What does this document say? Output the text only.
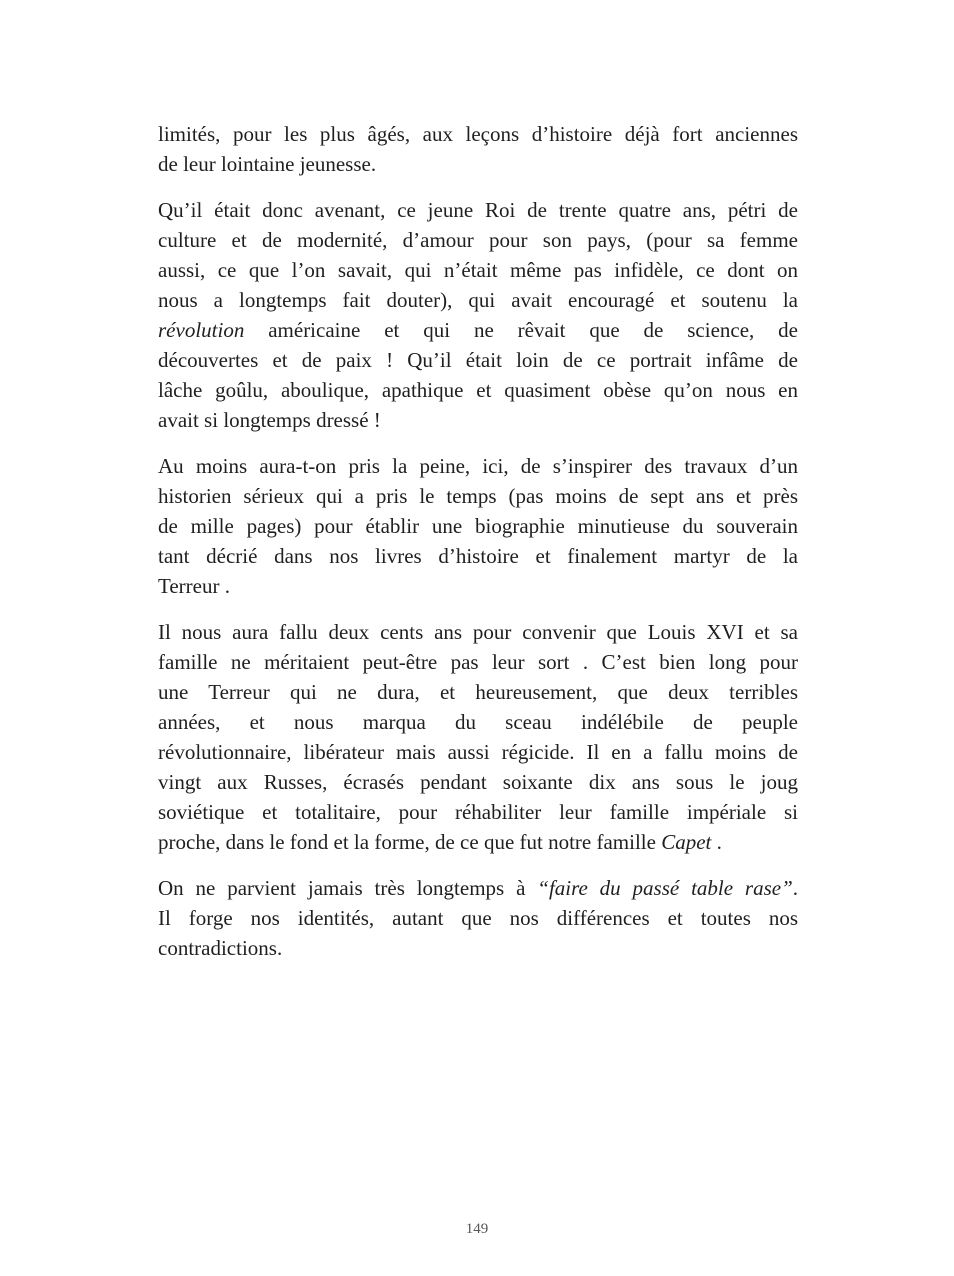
limités, pour les plus âgés, aux leçons d’histoire déjà fort anciennes
de leur lointaine jeunesse.

Qu’il était donc avenant, ce jeune Roi de trente quatre ans, pétri de
culture et de modernité, d’amour pour son pays, (pour sa femme
aussi, ce que l’on savait, qui n’était même pas infidèle, ce dont on
nous a longtemps fait douter), qui avait encouragé et soutenu la
révolution américaine et qui ne rêvait que de science, de
découvertes et de paix ! Qu’il était loin de ce portrait infâme de
lâche goûlu, aboulique, apathique et quasiment obèse qu’on nous en
avait si longtemps dressé !

Au moins aura-t-on pris la peine, ici, de s’inspirer des travaux d’un
historien sérieux qui a pris le temps (pas moins de sept ans et près
de mille pages) pour établir une biographie minutieuse du souverain
tant décrié dans nos livres d’histoire et finalement martyr de la
Terreur .

Il nous aura fallu deux cents ans pour convenir que Louis XVI et sa
famille ne méritaient peut-être pas leur sort . C’est bien long pour
une Terreur qui ne dura, et heureusement, que deux terribles
années, et nous marqua du sceau indélébile de peuple
révolutionnaire, libérateur mais aussi régicide. Il en a fallu moins de
vingt aux Russes, écrasés pendant soixante dix ans sous le joug
soviétique et totalitaire, pour réhabiliter leur famille impériale si
proche, dans le fond et la forme, de ce que fut notre famille Capet .

On ne parvient jamais très longtemps à “faire du passé table rase”.
Il forge nos identités, autant que nos différences et toutes nos
contradictions.

149
